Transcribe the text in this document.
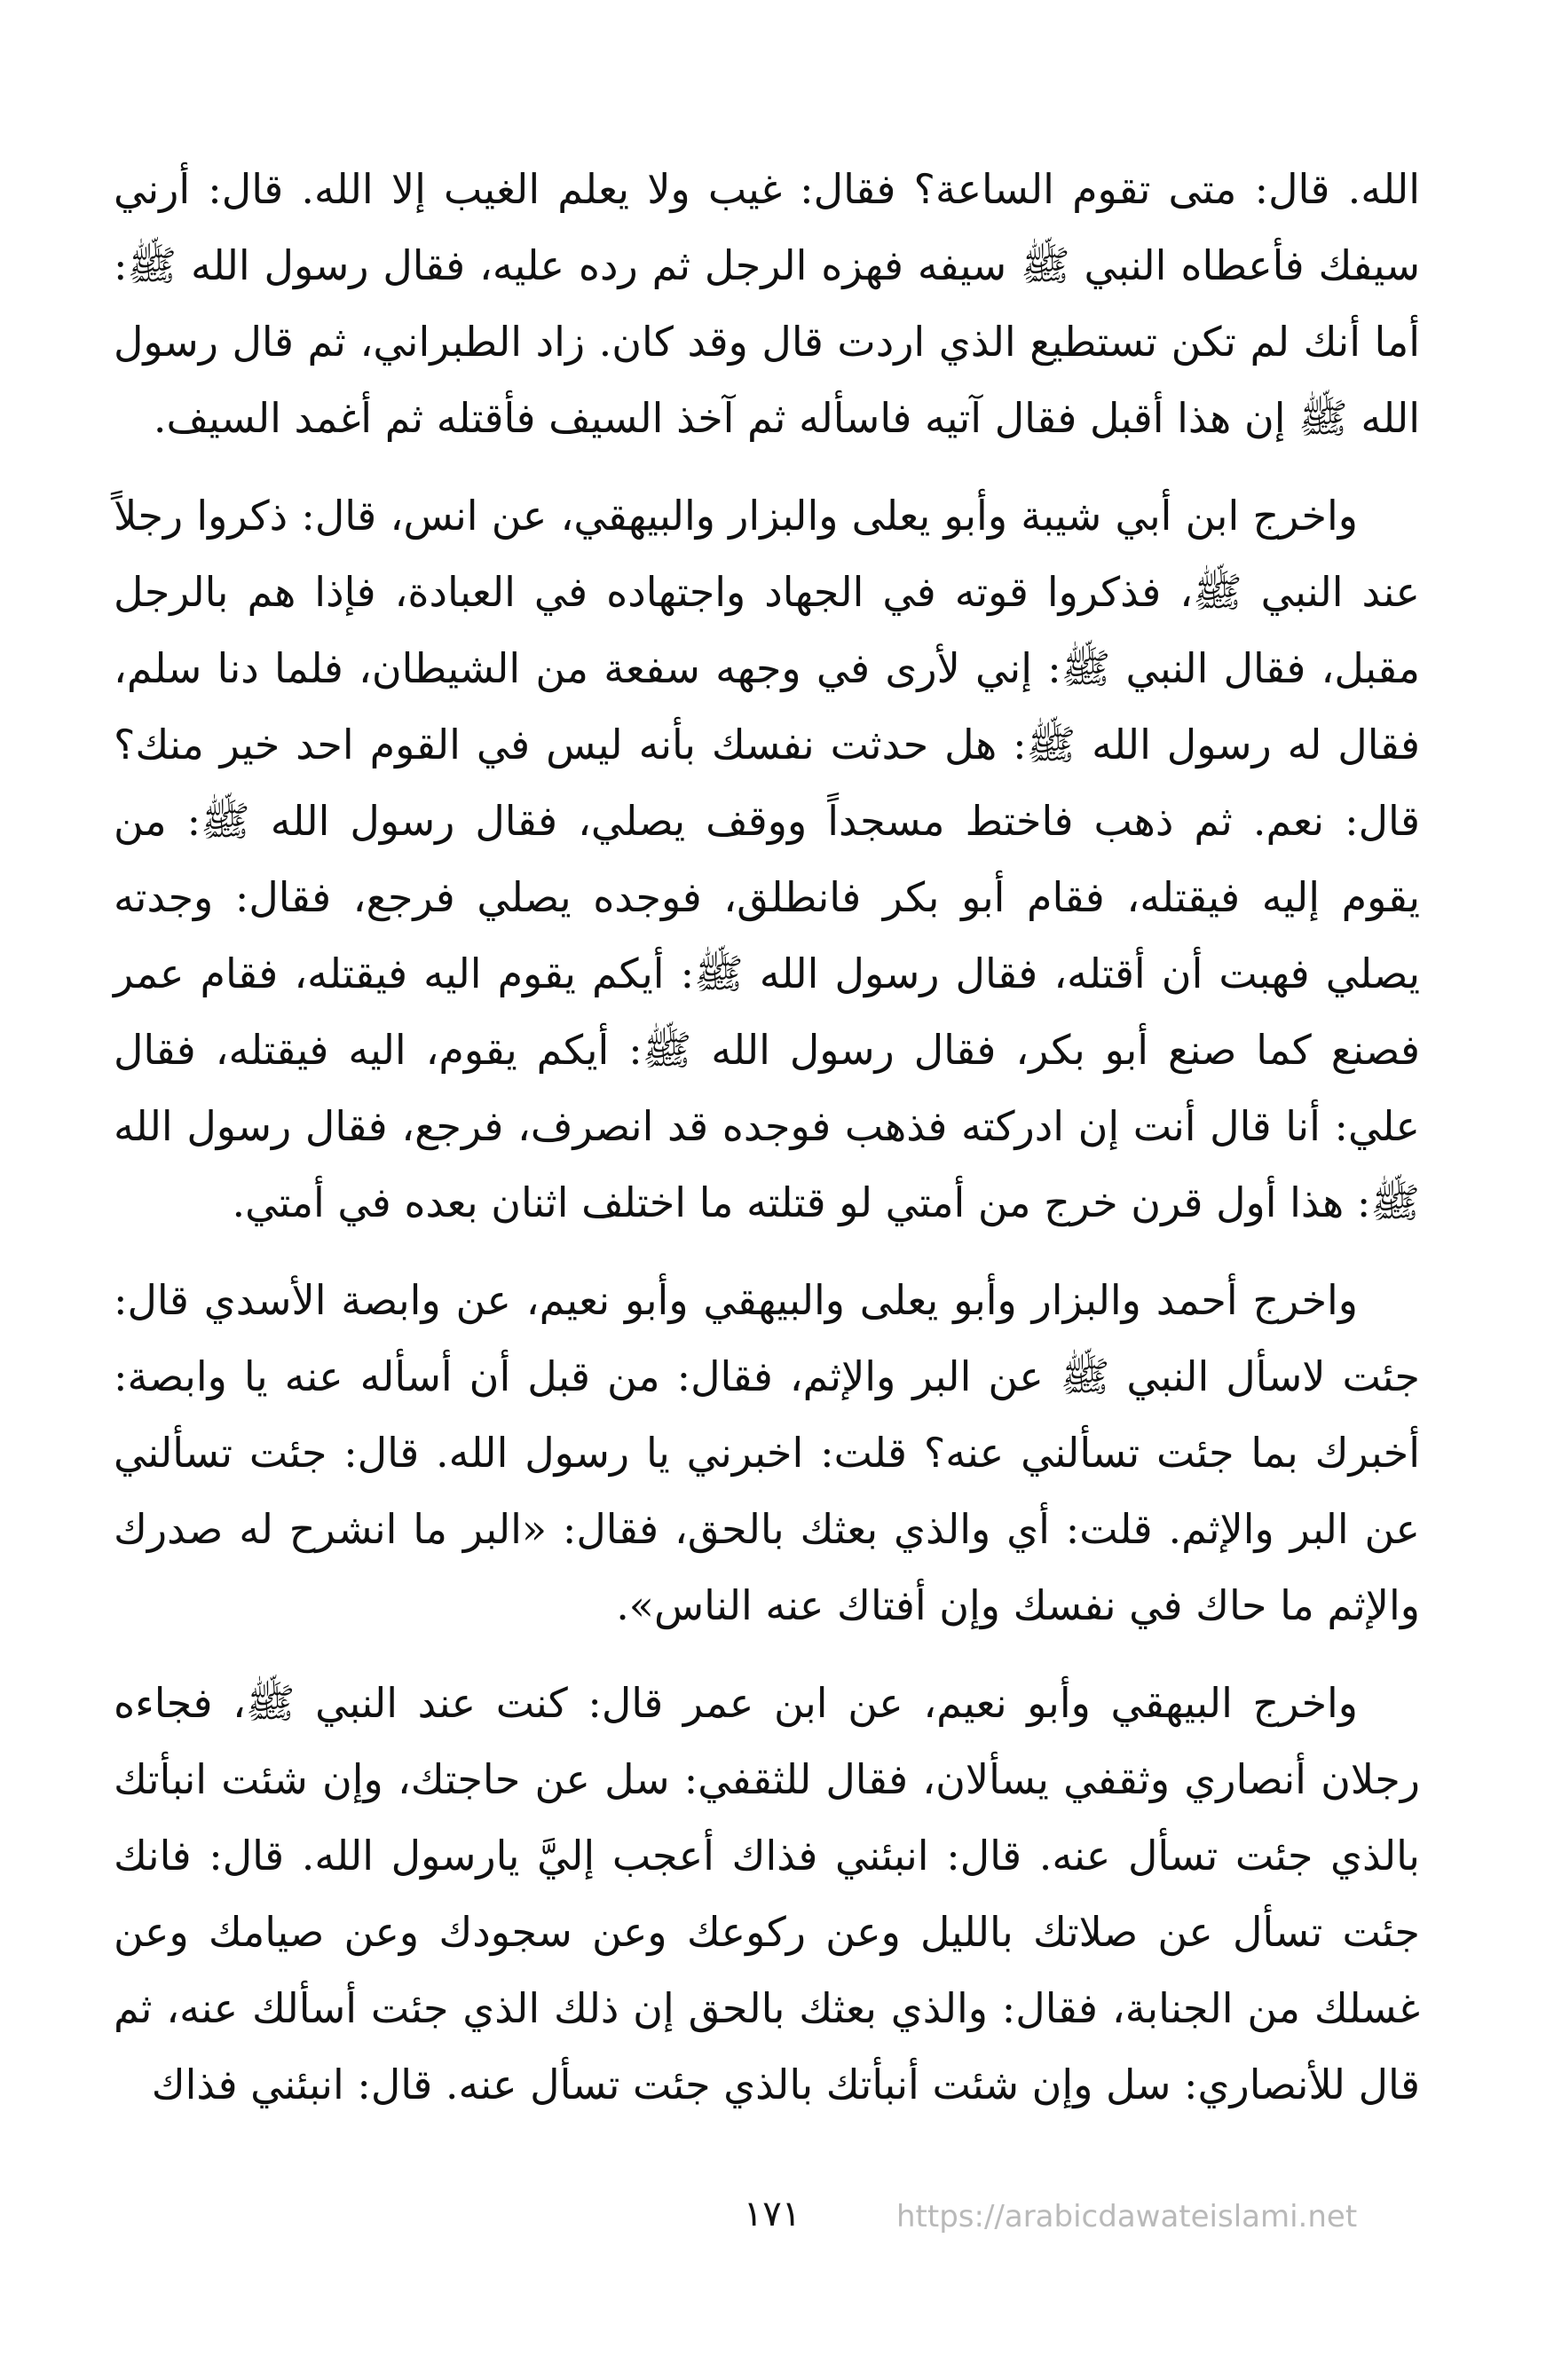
الله. قال: متى تقوم الساعة؟ فقال: غيب ولا يعلم الغيب إلا الله. قال: أرني سيفك فأعطاه النبي ﷺ سيفه فهزه الرجل ثم رده عليه، فقال رسول الله ﷺ: أما أنك لم تكن تستطيع الذي اردت قال وقد كان. زاد الطبراني، ثم قال رسول الله ﷺ إن هذا أقبل فقال آتيه فاسأله ثم آخذ السيف فأقتله ثم أغمد السيف.

واخرج ابن أبي شيبة وأبو يعلى والبزار والبيهقي، عن انس، قال: ذكروا رجلاً عند النبي ﷺ، فذكروا قوته في الجهاد واجتهاده في العبادة، فإذا هم بالرجل مقبل، فقال النبي ﷺ: إني لأرى في وجهه سفعة من الشيطان، فلما دنا سلم، فقال له رسول الله ﷺ: هل حدثت نفسك بأنه ليس في القوم احد خير منك؟ قال: نعم. ثم ذهب فاختط مسجداً ووقف يصلي، فقال رسول الله ﷺ: من يقوم إليه فيقتله، فقام أبو بكر فانطلق، فوجده يصلي فرجع، فقال: وجدته يصلي فهبت أن أقتله، فقال رسول الله ﷺ: أيكم يقوم اليه فيقتله، فقام عمر فصنع كما صنع أبو بكر، فقال رسول الله ﷺ: أيكم يقوم، اليه فيقتله، فقال علي: أنا قال أنت إن ادركته فذهب فوجده قد انصرف، فرجع، فقال رسول الله ﷺ: هذا أول قرن خرج من أمتي لو قتلته ما اختلف اثنان بعده في أمتي.

واخرج أحمد والبزار وأبو يعلى والبيهقي وأبو نعيم، عن وابصة الأسدي قال: جئت لاسأل النبي ﷺ عن البر والإثم، فقال: من قبل أن أسأله عنه يا وابصة: أخبرك بما جئت تسألني عنه؟ قلت: اخبرني يا رسول الله. قال: جئت تسألني عن البر والإثم. قلت: أي والذي بعثك بالحق، فقال: «البر ما انشرح له صدرك والإثم ما حاك في نفسك وإن أفتاك عنه الناس».

واخرج البيهقي وأبو نعيم، عن ابن عمر قال: كنت عند النبي ﷺ، فجاءه رجلان أنصاري وثقفي يسألان، فقال للثقفي: سل عن حاجتك، وإن شئت انبأتك بالذي جئت تسأل عنه. قال: انبئني فذاك أعجب إليَّ يارسول الله. قال: فانك جئت تسأل عن صلاتك بالليل وعن ركوعك وعن سجودك وعن صيامك وعن غسلك من الجنابة، فقال: والذي بعثك بالحق إن ذلك الذي جئت أسألك عنه، ثم قال للأنصاري: سل وإن شئت أنبأتك بالذي جئت تسأل عنه. قال: انبئني فذاك

١٧١	https://arabicdawateislami.net
